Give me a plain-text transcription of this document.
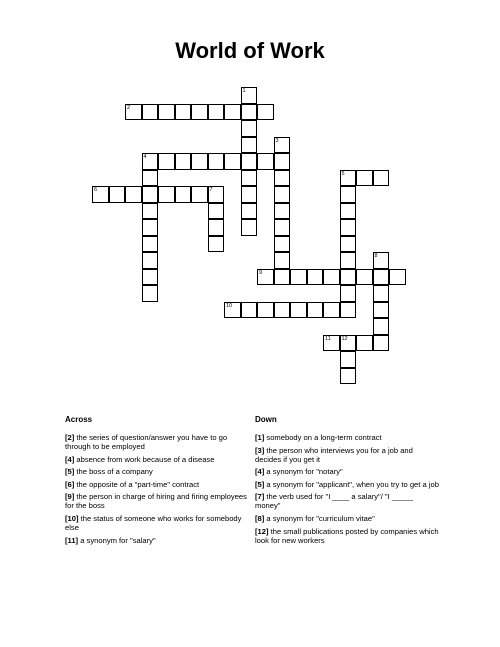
World of Work
2
1
3
4
5
6	7
8
9
10
11 12
Across	Down
[2] the series of question/answer you have to go through to be employed
[4] absence from work because of a disease
[5] the boss of a company
[6] the opposite of a "part-time" contract
[9] the person in charge of hiring and firing employees for the boss
[10] the status of someone who works for somebody else
[11] a synonym for "salary"
[1] somebody on a long-term contract
[3] the person who interviews you for a job and decides if you get it
[4] a synonym for "notary"
[5] a synonym for "applicant", when you try to get a job
[7] the verb used for "I ____ a salary"/ "I _____ money"
[8] a synonym for "curriculum vitae"
[12] the small publications posted by companies which look for new workers
